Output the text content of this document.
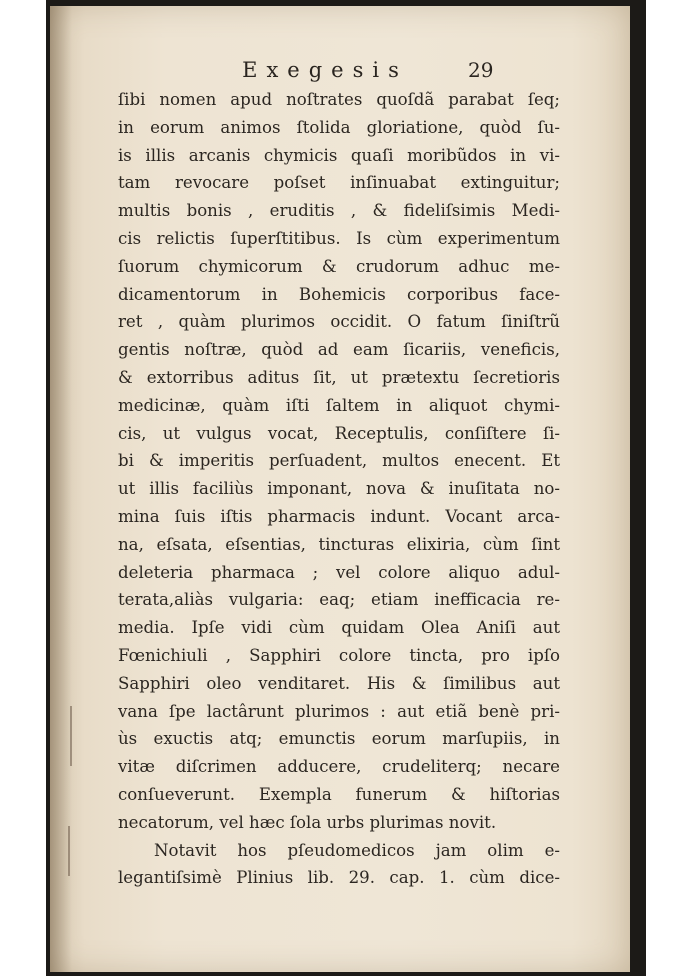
Exegesis	29
ſibi nomen apud noſtrates quoſdã parabat ſeq;
in eorum animos ſtolida gloriatione, quòd ſu-
is illis arcanis chymicis quaſi moribũdos in vi-
tam revocare poſset inſinuabat extinguitur;
multis bonis , eruditis , & fideliſsimis Medi-
cis relictis ſuperſtitibus. Is cùm experimentum
ſuorum chymicorum & crudorum adhuc me-
dicamentorum in Bohemicis corporibus face-
ret , quàm plurimos occidit. O fatum ſiniſtrũ
gentis noſtræ, quòd ad eam ſicariis, veneficis,
& extorribus aditus ſit, ut prætextu ſecretioris
medicinæ, quàm iſti ſaltem in aliquot chymi-
cis, ut vulgus vocat, Receptulis, conſiſtere ſi-
bi & imperitis perſuadent, multos enecent. Et
ut illis faciliùs imponant, nova & inuſitata no-
mina ſuis iſtis pharmacis indunt. Vocant arca-
na, eſsata, eſsentias, tincturas elixiria, cùm ſint
deleteria pharmaca ; vel colore aliquo adul-
terata,aliàs vulgaria: eaq; etiam inefficacia re-
media. Ipſe vidi cùm quidam Olea Aniſi aut
Fœnichiuli , Sapphiri colore tincta, pro ipſo
Sapphiri oleo venditaret. His & ſimilibus aut
vana ſpe lactârunt plurimos : aut etiã benè pri-
ùs exuctis atq; emunctis eorum marſupiis, in
vitæ diſcrimen adducere, crudeliterq; necare
conſueverunt. Exempla funerum & hiſtorias
necatorum, vel hæc ſola urbs plurimas novit.
Notavit hos pſeudomedicos jam olim e-
legantiſsimè Plinius lib. 29. cap. 1. cùm dice-
